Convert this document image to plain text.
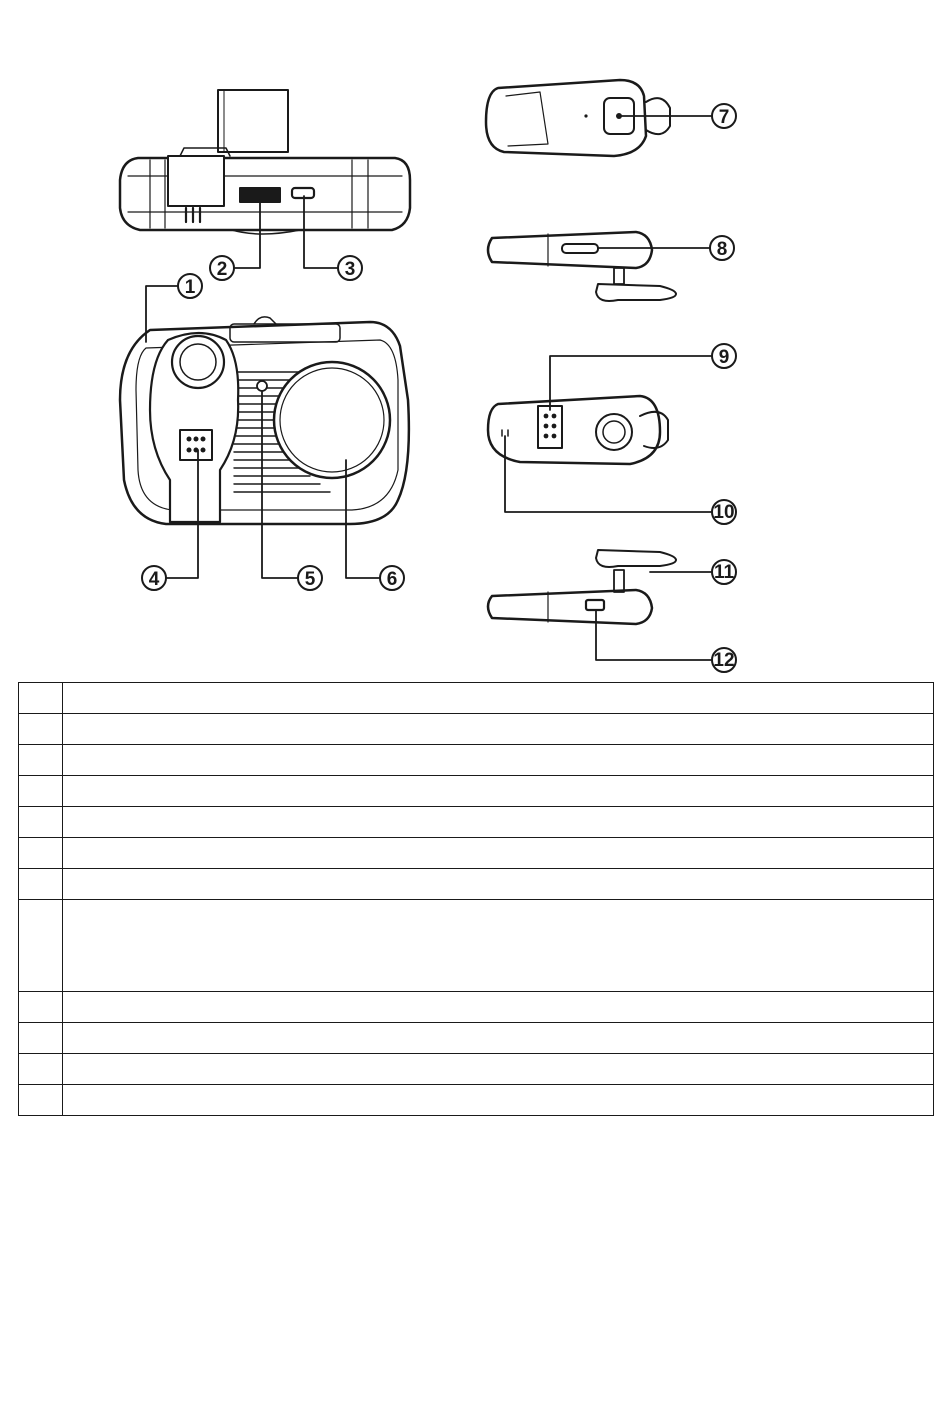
1
2	3
4	5	6
7
8
9
10
11
12
